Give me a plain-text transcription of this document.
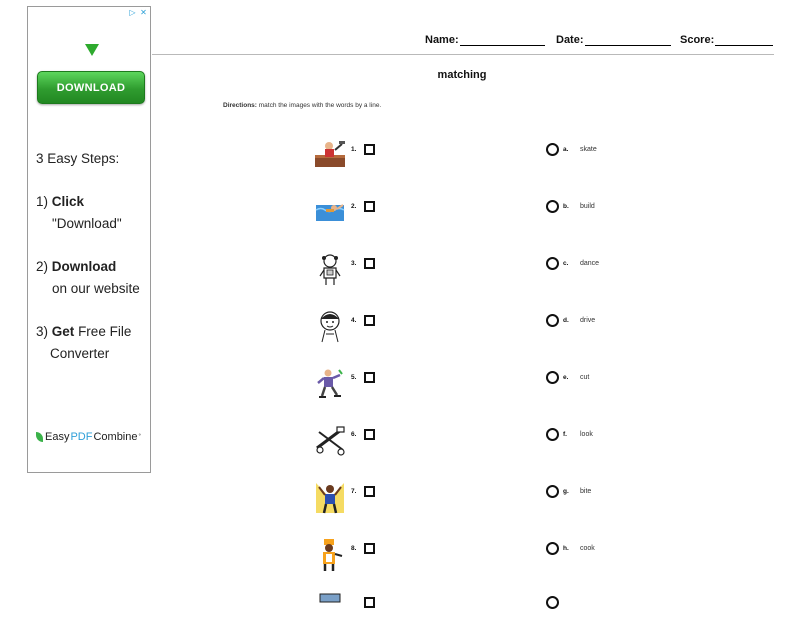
▷ ✕
DOWNLOAD
3 Easy Steps:
1) Click
"Download"
2) Download
on our website
3) Get Free File
Converter
Easy PDF Combine °
Name:	Date:	Score:
matching
Directions: match the images with the words by a line.
1.	a. skate
2.	b. build
3.	c. dance
4.	d. drive
5.	e. cut
6.	f. look
7.	g. bite
8.	h. cook
